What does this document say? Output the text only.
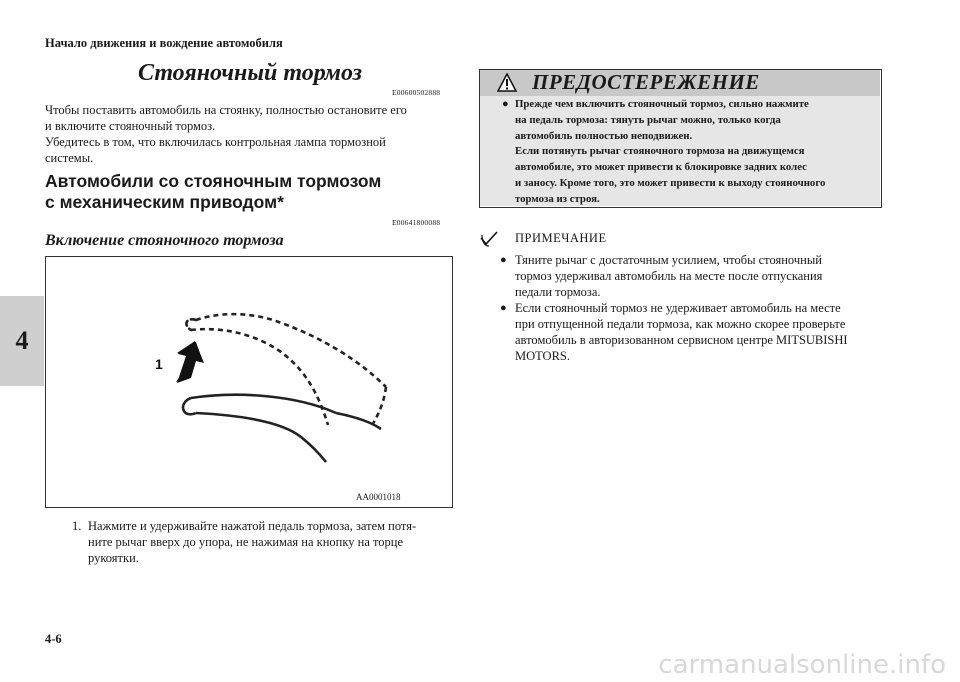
Начало движения и вождение автомобиля
4
Стояночный тормоз
E00600502888
Чтобы поставить автомобиль на стоянку, полностью остановите его
и включите стояночный тормоз.
Убедитесь в том, что включилась контрольная лампа тормозной
системы.
Автомобили со стояночным тормозом
с механическим приводом*
E00641800088
Включение стояночного тормоза
1
AA0001018
1. Нажмите и удерживайте нажатой педаль тормоза, затем потя-
ните рычаг вверх до упора, не нажимая на кнопку на торце
рукоятки.
ПРЕДОСТЕРЕЖЕНИЕ
● Прежде чем включить стояночный тормоз, сильно нажмите
на педаль тормоза: тянуть рычаг можно, только когда
автомобиль полностью неподвижен.
Если потянуть рычаг стояночного тормоза на движущемся
автомобиле, это может привести к блокировке задних колес
и заносу. Кроме того, это может привести к выходу стояночного
тормоза из строя.
ПРИМЕЧАНИЕ
● Тяните рычаг с достаточным усилием, чтобы стояночный
тормоз удерживал автомобиль на месте после отпускания
педали тормоза.
● Если стояночный тормоз не удерживает автомобиль на месте
при отпущенной педали тормоза, как можно скорее проверьте
автомобиль в авторизованном сервисном центре MITSUBISHI
MOTORS.
4-6
carmanualsonline.info
